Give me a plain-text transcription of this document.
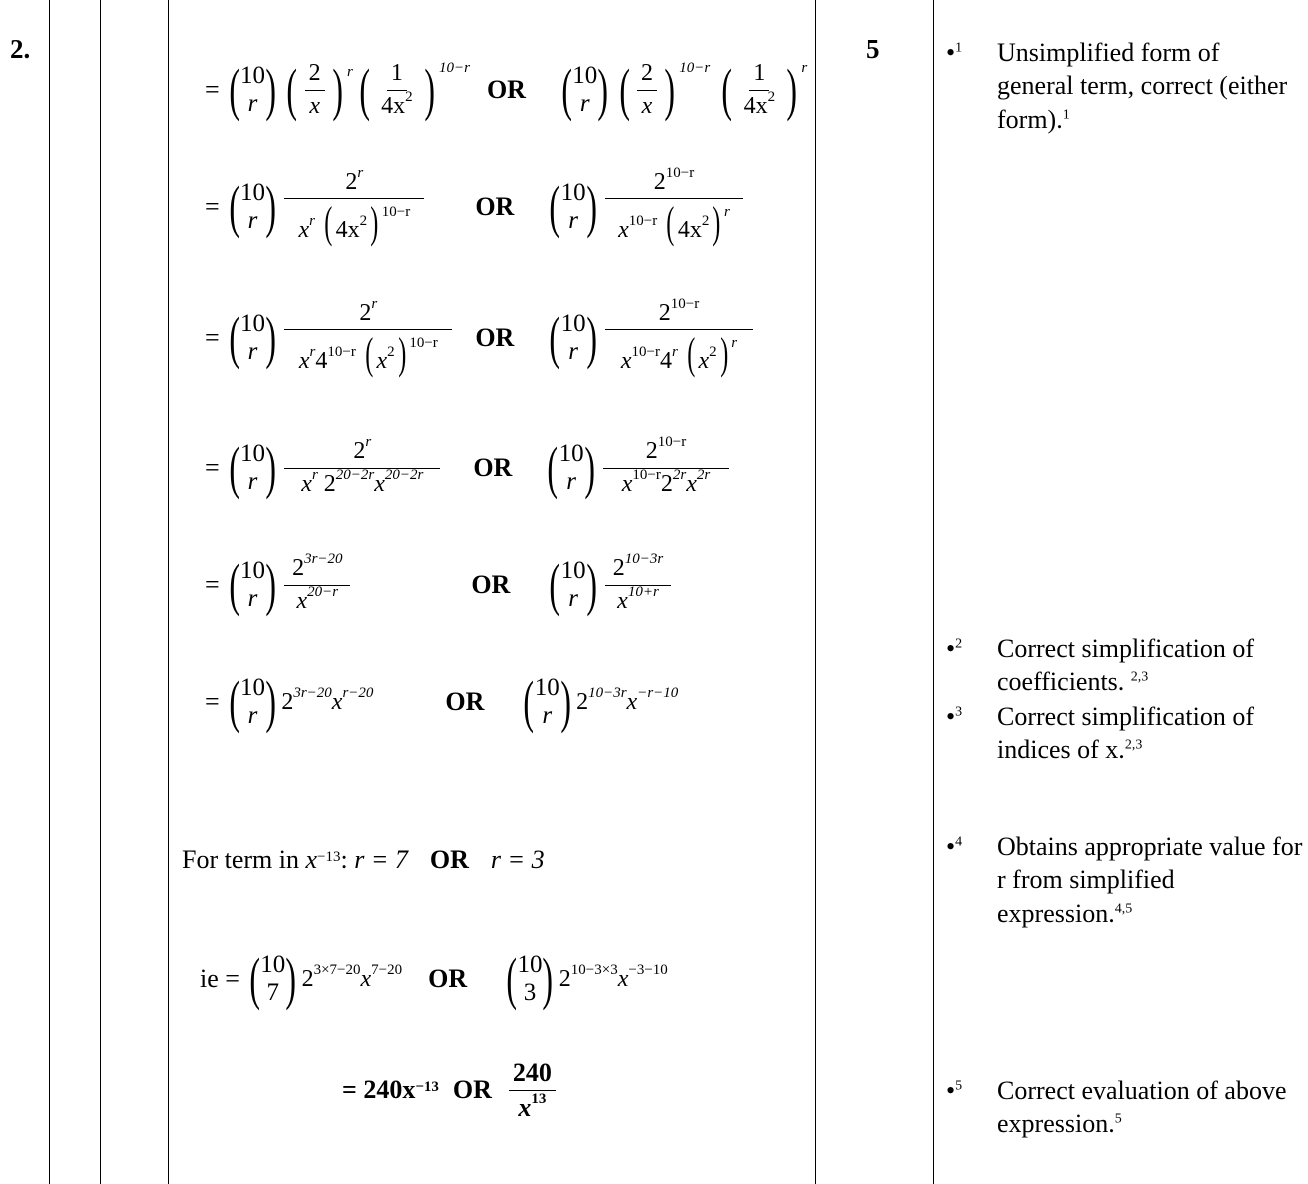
2.	5
= ( 10
r ) ( $\frac{2}{x}$ ) r ( $\frac{1}{4x^2}$ ) 10−r
OR ( 10
r ) ( $\frac{2}{x}$ ) 10−r ( $\frac{1}{4x^2}$ ) r
= ( 10
r ) $\frac{2^r}{x^r ( 4x^2) ^{10-r}}$ OR ( 10
r ) $\frac{2^{10-r}}{x^{10-r} ( 4x^2) ^r}$
= ( 10
r ) $\frac{2^r}{x^r4^{10-r} ( x^2) ^{10-r}}$ OR ( 10
r ) $\frac{2^{10-r}}{x^{10-r}4^r ( x^2) ^r}$
= ( 10
r ) $\frac{2^r}{x^r 2^{20-2r}x^{20-2r}}$ OR ( 10
r ) $\frac{2^{10-r}}{x^{10-r}2^{2r}x^{2r}}$
= ( 10
r ) $\frac{2^{3r-20}}{x^{20-r}}$	OR ( 10
r ) $\frac{2^{10-3r}}{x^{10+r}}$
= ( 10
r ) $2^{3r-20}x^{r-20}$	OR ( 10
r ) $2^{10-3r}x^{-r-10}$
For term in
x −13 :
r = 7 OR r = 3
ie
= ( 10
7 ) $2^{3\times 7-20}x^{7-20}$ OR ( 10
3 ) $2^{10-3\times 3}x^{-3-10}$
= 240x −13 OR $\frac{240}{x^{13}}$
•$^1$ Unsimplified form of general term, correct (either form).$^1$
•$^2$ Correct simplification of coefficients. $^{2,3}$
•$^3$ Correct simplification of indices of x.$^{2,3}$
•$^4$ Obtains appropriate value for r from simplified expression.$^{4,5}$
•$^5$ Correct evaluation of above expression.$^5$
